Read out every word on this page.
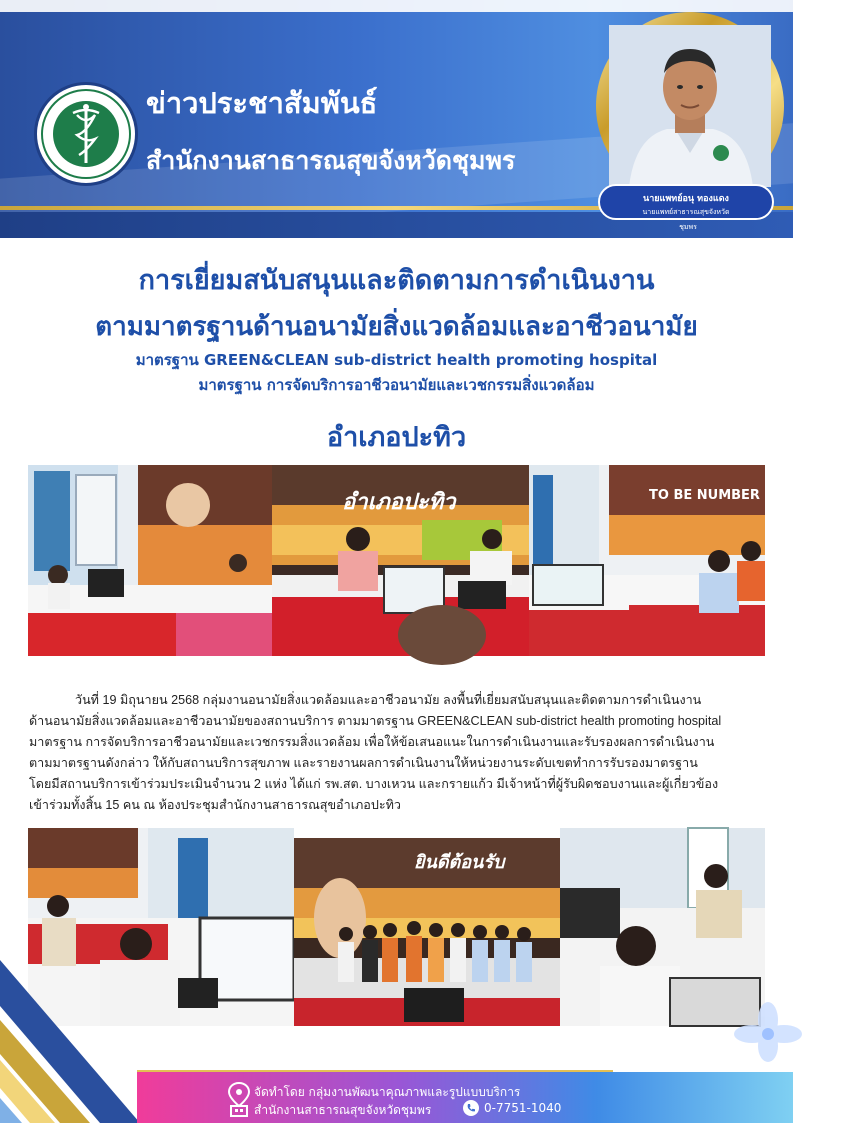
ข่าวประชาสัมพันธ์
สำนักงานสาธารณสุขจังหวัดชุมพร
นายแพทย์อนุ ทองแดง
นายแพทย์สาธารณสุขจังหวัด
ชุมพร
การเยี่ยมสนับสนุนและติดตามการดำเนินงาน
ตามมาตรฐานด้านอนามัยสิ่งแวดล้อมและอาชีวอนามัย
มาตรฐาน GREEN&CLEAN sub-district health promoting hospital
มาตรฐาน การจัดบริการอาชีวอนามัยและเวชกรรมสิ่งแวดล้อม
อำเภอปะทิว
อำเภอปะทิว	TO BE NUMBER ONE
วันที่ 19 มิถุนายน 2568 กลุ่มงานอนามัยสิ่งแวดล้อมและอาชีวอนามัย ลงพื้นที่เยี่ยมสนับสนุนและติดตามการดำเนินงาน
ด้านอนามัยสิ่งแวดล้อมและอาชีวอนามัยของสถานบริการ ตามมาตรฐาน GREEN&CLEAN sub-district health promoting hospital
มาตรฐาน การจัดบริการอาชีวอนามัยและเวชกรรมสิ่งแวดล้อม เพื่อให้ข้อเสนอแนะในการดำเนินงานและรับรองผลการดำเนินงาน
ตามมาตรฐานดังกล่าว ให้กับสถานบริการสุขภาพ และรายงานผลการดำเนินงานให้หน่วยงานระดับเขตทำการรับรองมาตรฐาน
โดยมีสถานบริการเข้าร่วมประเมินจำนวน 2 แห่ง ได้แก่ รพ.สต. บางเหวน และกรายแก้ว มีเจ้าหน้าที่ผู้รับผิดชอบงานและผู้เกี่ยวข้อง
เข้าร่วมทั้งสิ้น 15 คน ณ ห้องประชุมสำนักงานสาธารณสุขอำเภอปะทิว
ยินดีต้อนรับ
จัดทำโดย กลุ่มงานพัฒนาคุณภาพและรูปแบบบริการ
สำนักงานสาธารณสุขจังหวัดชุมพร	0-7751-1040
